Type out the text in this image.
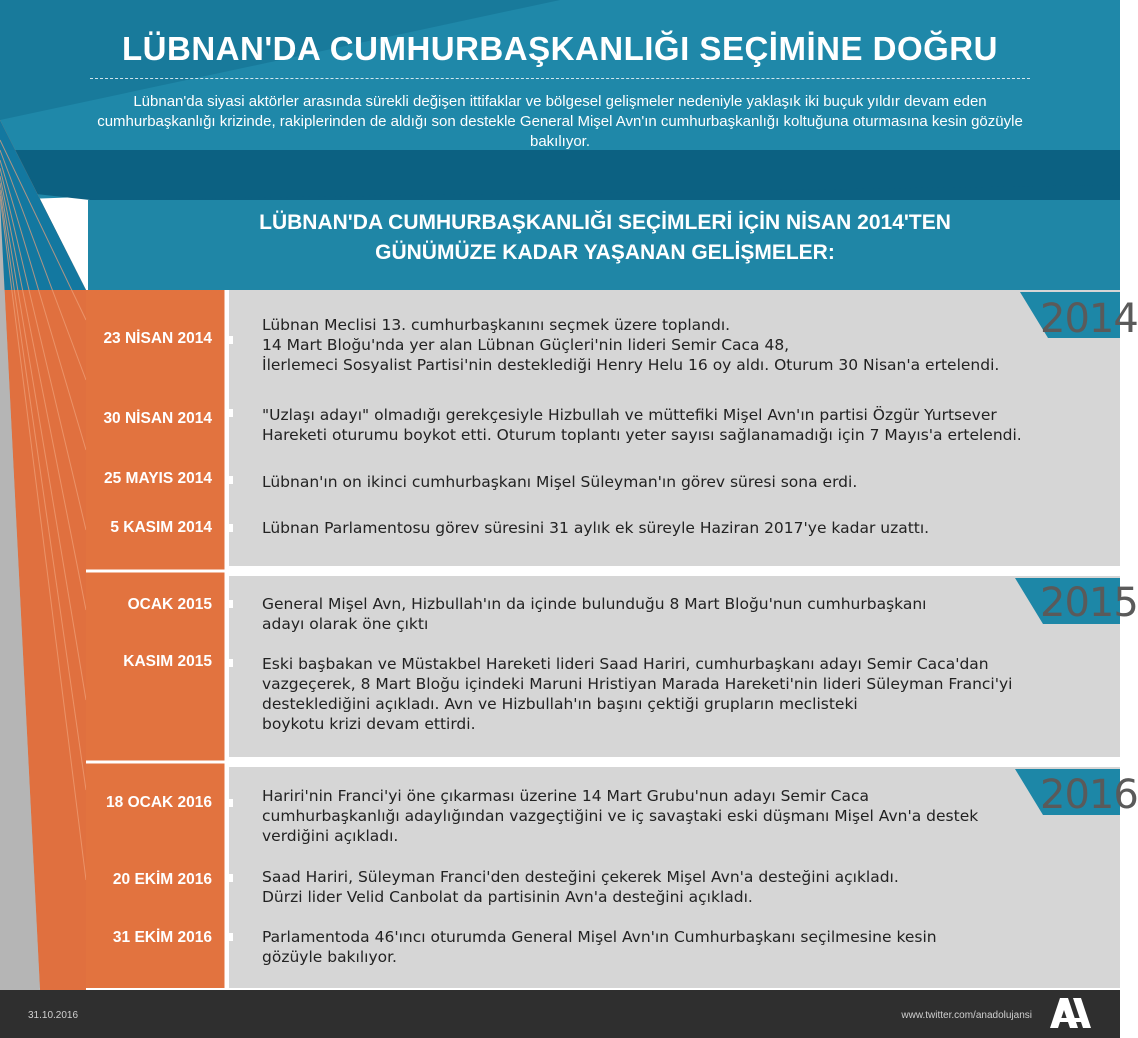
LÜBNAN'DA CUMHURBAŞKANLIĞI SEÇİMİNE DOĞRU
Lübnan'da siyasi aktörler arasında sürekli değişen ittifaklar ve bölgesel gelişmeler nedeniyle yaklaşık iki buçuk yıldır devam eden cumhurbaşkanlığı krizinde, rakiplerinden de aldığı son destekle General Mişel Avn'ın cumhurbaşkanlığı koltuğuna oturmasına kesin gözüyle bakılıyor.
LÜBNAN'DA CUMHURBAŞKANLIĞI SEÇİMLERİ İÇİN NİSAN 2014'TEN
GÜNÜMÜZE KADAR YAŞANAN GELİŞMELER:
2014
2015
2016
23 NİSAN 2014
Lübnan Meclisi 13. cumhurbaşkanını seçmek üzere toplandı.
14 Mart Bloğu'nda yer alan Lübnan Güçleri'nin lideri Semir Caca 48,
İlerlemeci Sosyalist Partisi'nin desteklediği Henry Helu 16 oy aldı. Oturum 30 Nisan'a ertelendi.
30 NİSAN 2014	"Uzlaşı adayı" olmadığı gerekçesiyle Hizbullah ve müttefiki Mişel Avn'ın partisi Özgür Yurtsever
Hareketi oturumu boykot etti. Oturum toplantı yeter sayısı sağlanamadığı için 7 Mayıs'a ertelendi.
25 MAYIS 2014	Lübnan'ın on ikinci cumhurbaşkanı Mişel Süleyman'ın görev süresi sona erdi.
5 KASIM 2014	Lübnan Parlamentosu görev süresini 31 aylık ek süreyle Haziran 2017'ye kadar uzattı.
OCAK 2015	General Mişel Avn, Hizbullah'ın da içinde bulunduğu 8 Mart Bloğu'nun cumhurbaşkanı
adayı olarak öne çıktı
KASIM 2015	Eski başbakan ve Müstakbel Hareketi lideri Saad Hariri, cumhurbaşkanı adayı Semir Caca'dan
vazgeçerek, 8 Mart Bloğu içindeki Maruni Hristiyan Marada Hareketi'nin lideri Süleyman Franci'yi
desteklediğini açıkladı. Avn ve Hizbullah'ın başını çektiği grupların meclisteki
boykotu krizi devam ettirdi.
18 OCAK 2016	Hariri'nin Franci'yi öne çıkarması üzerine 14 Mart Grubu'nun adayı Semir Caca
cumhurbaşkanlığı adaylığından vazgeçtiğini ve iç savaştaki eski düşmanı Mişel Avn'a destek
verdiğini açıkladı.
20 EKİM 2016	Saad Hariri, Süleyman Franci'den desteğini çekerek Mişel Avn'a desteğini açıkladı.
Dürzi lider Velid Canbolat da partisinin Avn'a desteğini açıkladı.
31 EKİM 2016	Parlamentoda 46'ıncı oturumda General Mişel Avn'ın Cumhurbaşkanı seçilmesine kesin
gözüyle bakılıyor.
31.10.2016	www.twitter.com/anadolujansi
